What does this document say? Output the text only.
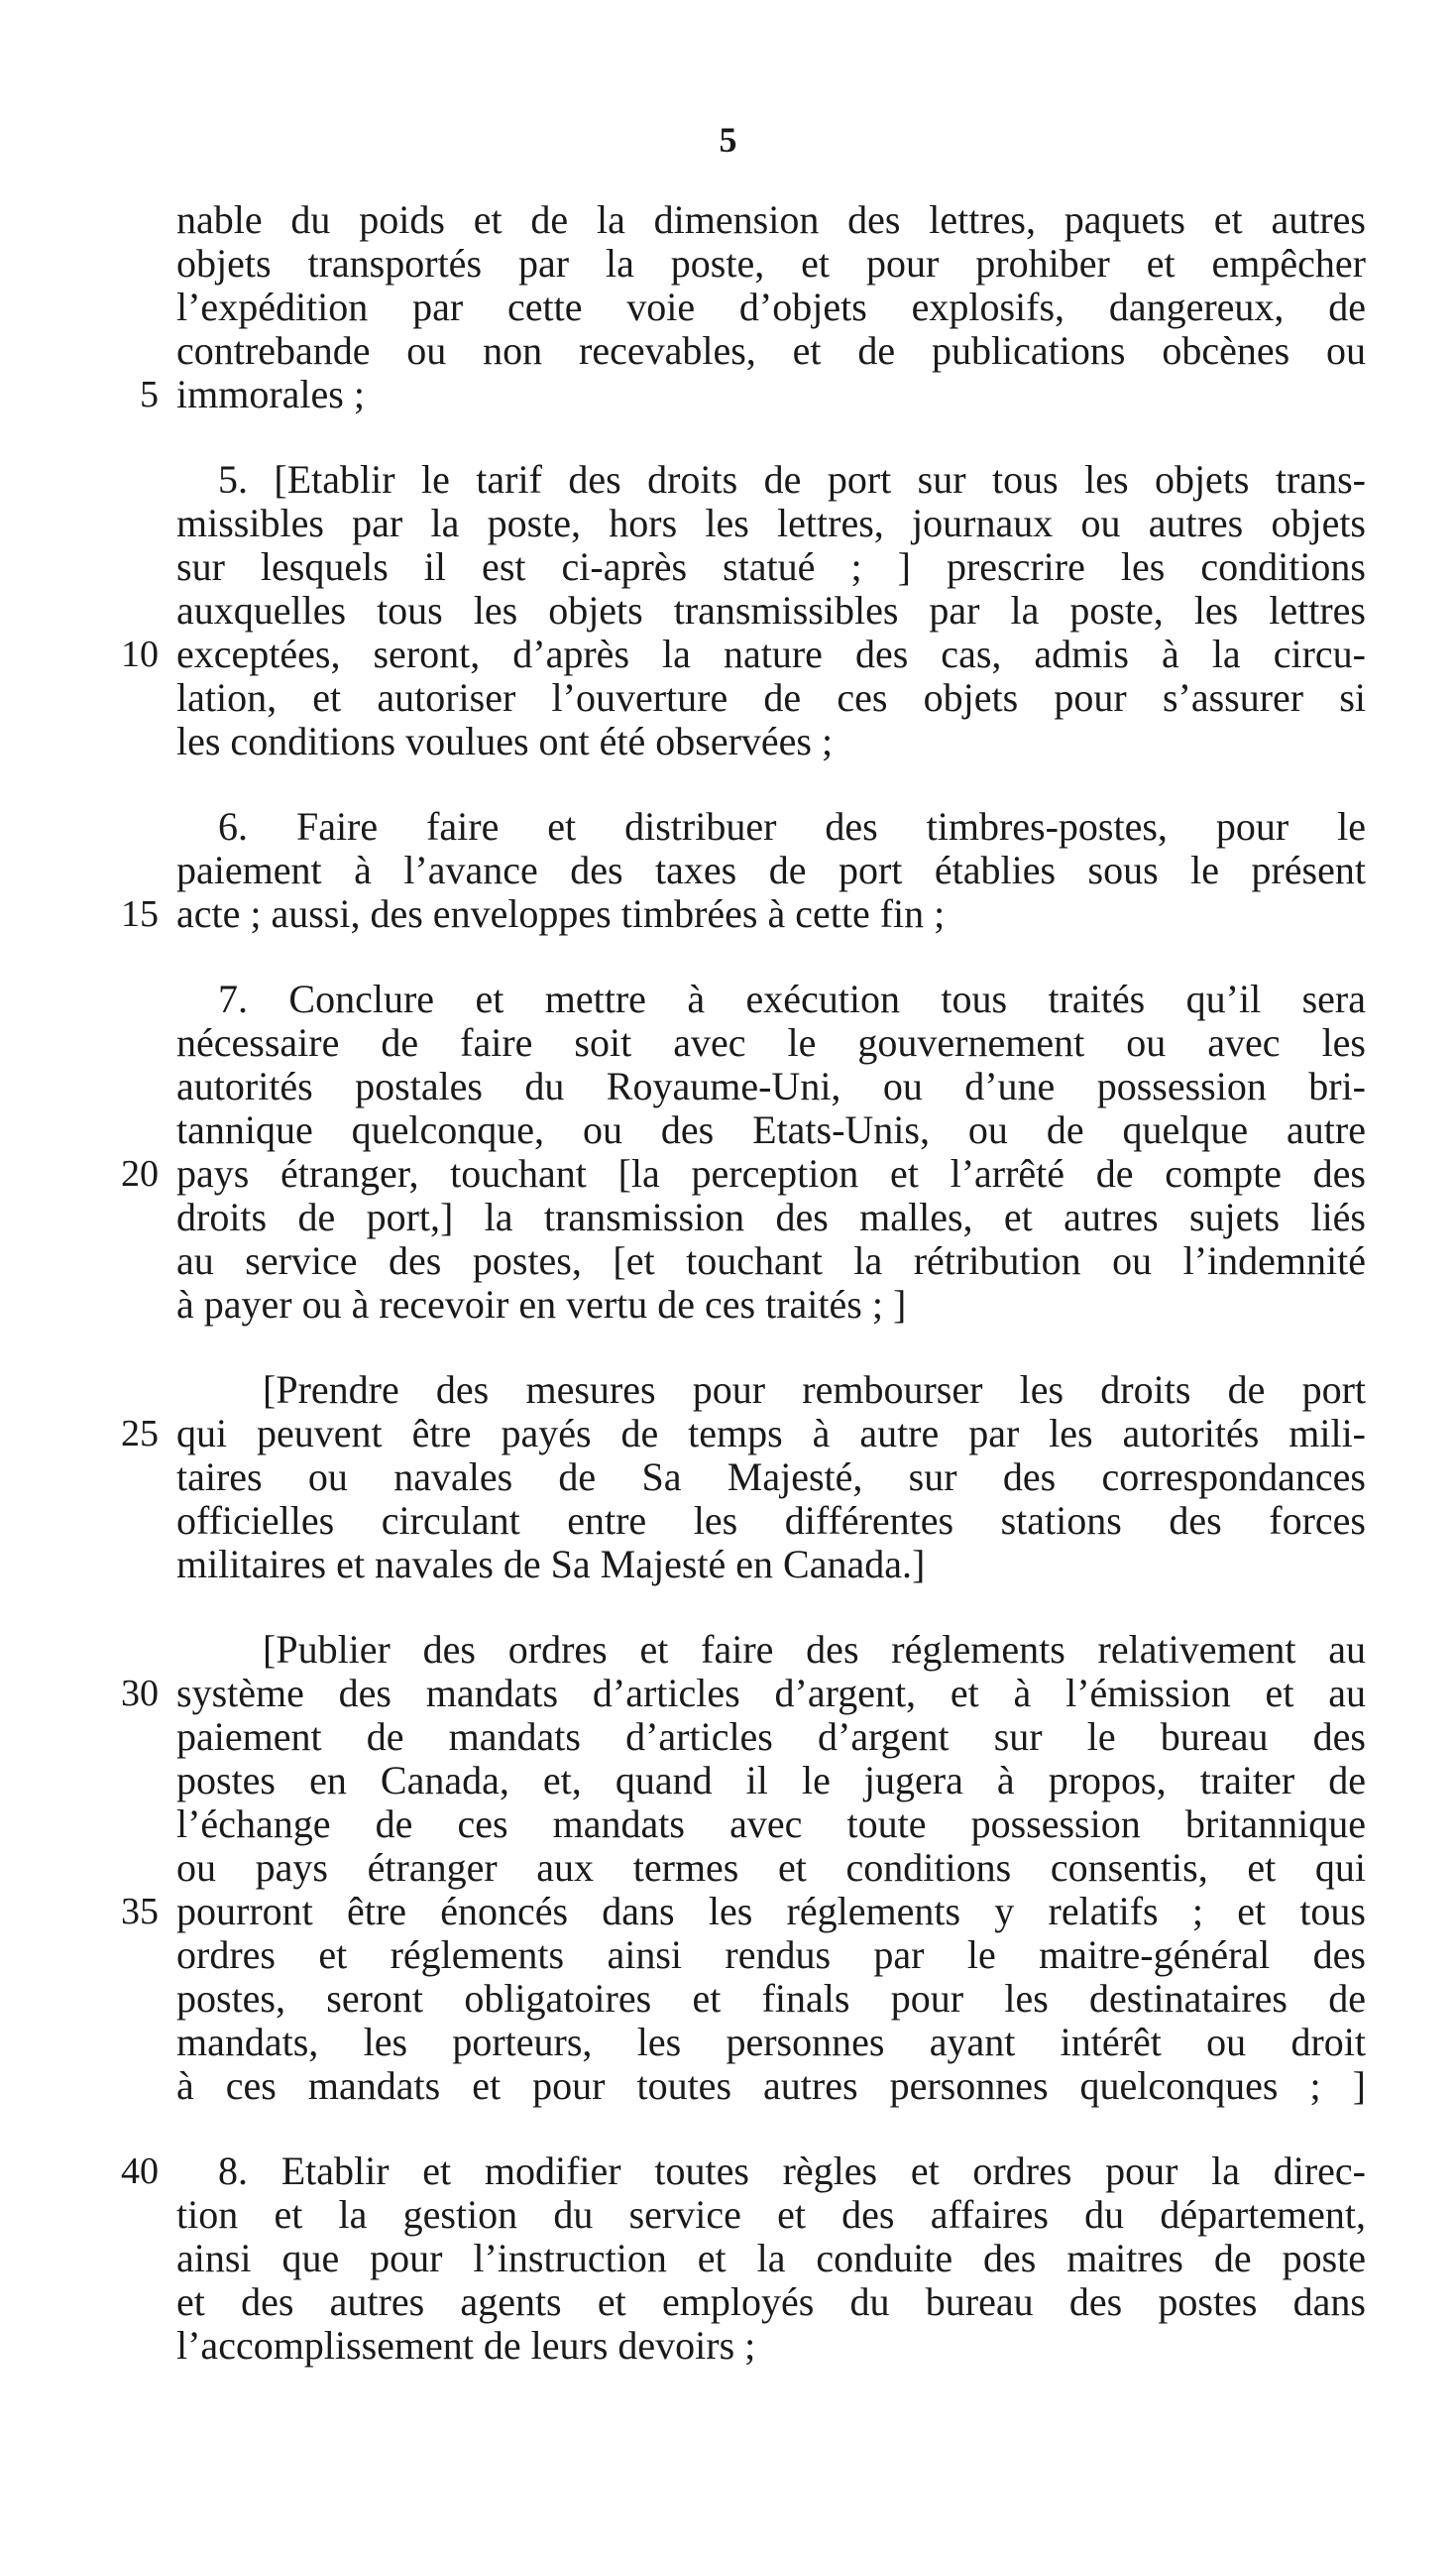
5
nable du poids et de la dimension des lettres, paquets et autres
objets transportés par la poste, et pour prohiber et empêcher
l’expédition par cette voie d’objets explosifs, dangereux, de
contrebande ou non recevables, et de publications obcènes ou
5 immorales ;
5. [Etablir le tarif des droits de port sur tous les objets trans-
missibles par la poste, hors les lettres, journaux ou autres objets
sur lesquels il est ci-après statué ; ] prescrire les conditions
auxquelles tous les objets transmissibles par la poste, les lettres
10 exceptées, seront, d’après la nature des cas, admis à la circu-
lation, et autoriser l’ouverture de ces objets pour s’assurer si
les conditions voulues ont été observées ;
6. Faire faire et distribuer des timbres-postes, pour le
paiement à l’avance des taxes de port établies sous le présent
15 acte ; aussi, des enveloppes timbrées à cette fin ;
7. Conclure et mettre à exécution tous traités qu’il sera
nécessaire de faire soit avec le gouvernement ou avec les
autorités postales du Royaume-Uni, ou d’une possession bri-
tannique quelconque, ou des Etats-Unis, ou de quelque autre
20 pays étranger, touchant [la perception et l’arrêté de compte des
droits de port,] la transmission des malles, et autres sujets liés
au service des postes, [et touchant la rétribution ou l’indemnité
à payer ou à recevoir en vertu de ces traités ; ]
[Prendre des mesures pour rembourser les droits de port
25 qui peuvent être payés de temps à autre par les autorités mili-
taires ou navales de Sa Majesté, sur des correspondances
officielles circulant entre les différentes stations des forces
militaires et navales de Sa Majesté en Canada.]
[Publier des ordres et faire des réglements relativement au
30 système des mandats d’articles d’argent, et à l’émission et au
paiement de mandats d’articles d’argent sur le bureau des
postes en Canada, et, quand il le jugera à propos, traiter de
l’échange de ces mandats avec toute possession britannique
ou pays étranger aux termes et conditions consentis, et qui
35 pourront être énoncés dans les réglements y relatifs ; et tous
ordres et réglements ainsi rendus par le maitre-général des
postes, seront obligatoires et finals pour les destinataires de
mandats, les porteurs, les personnes ayant intérêt ou droit
à ces mandats et pour toutes autres personnes quelconques ; ]
40 8. Etablir et modifier toutes règles et ordres pour la direc-
tion et la gestion du service et des affaires du département,
ainsi que pour l’instruction et la conduite des maitres de poste
et des autres agents et employés du bureau des postes dans
l’accomplissement de leurs devoirs ;
